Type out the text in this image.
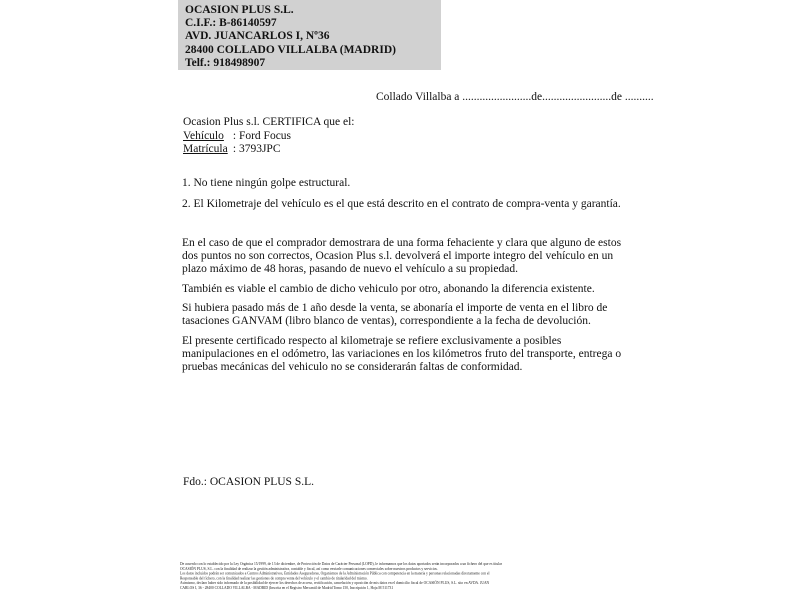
OCASION PLUS S.L.
C.I.F.: B-86140597
AVD. JUANCARLOS I, Nº36
28400 COLLADO VILLALBA (MADRID)
Telf.: 918498907
Collado Villalba a ........................de........................de ..........
Ocasion Plus s.l. CERTIFICA que el:
Vehículo : Ford Focus
Matrícula : 3793JPC
1. No tiene ningún golpe estructural.
2. El Kilometraje del vehículo es el que está descrito en el contrato de compra-venta y garantía.

En el caso de que el comprador demostrara de una forma fehaciente y clara que alguno de estos dos puntos no son correctos, Ocasion Plus s.l. devolverá el importe integro del vehículo en un plazo máximo de 48 horas, pasando de nuevo el vehículo a su propiedad.

También es viable el cambio de dicho vehiculo por otro, abonando la diferencia existente.

Si hubiera pasado más de 1 año desde la venta, se abonaría el importe de venta en el libro de tasaciones GANVAM (libro blanco de ventas), correspondiente a la fecha de devolución.

El presente certificado respecto al kilometraje se refiere exclusivamente a posibles manipulaciones en el odómetro, las variaciones en los kilómetros fruto del transporte, entrega o pruebas mecánicas del vehiculo no se considerarán faltas de conformidad.

Fdo.: OCASION PLUS S.L.
De acuerdo con lo establecido por la Ley Orgánica 15/1999, de 13 de diciembre, de Protección de Datos de Carácter Personal (LOPD), le informamos que los datos aportados serán incorporados a un fichero del que es titular
OCASIÓN PLUS, S.L. con la finalidad de realizar la gestión administrativa, contable y fiscal, así como enviarle comunicaciones comerciales sobre nuestros productos y servicios.
Los datos incluidos podrán ser comunicados a Centros Administrativos, Entidades Aseguradoras, Organismos de la Administración Pública con competencia en la materia y personas relacionadas directamente con el
Responsable del fichero, con la finalidad realizar las gestiones de compra venta del vehículo y el cambio de titularidad del mismo.
Asimismo, declaro haber sido informado de la posibilidad de ejercer los derechos de acceso, rectificación, cancelación y oposición de mis datos en el domicilio fiscal de OCASIÓN PLUS, S.L. sito en AVDA. JUAN
CARLOS I, 36 - 28400 COLLADO VILLALBA - MADRID (Inscrita en el Registro Mercantil de Madrid Tomo 150, Inscripción 1, Hoja M 511731
